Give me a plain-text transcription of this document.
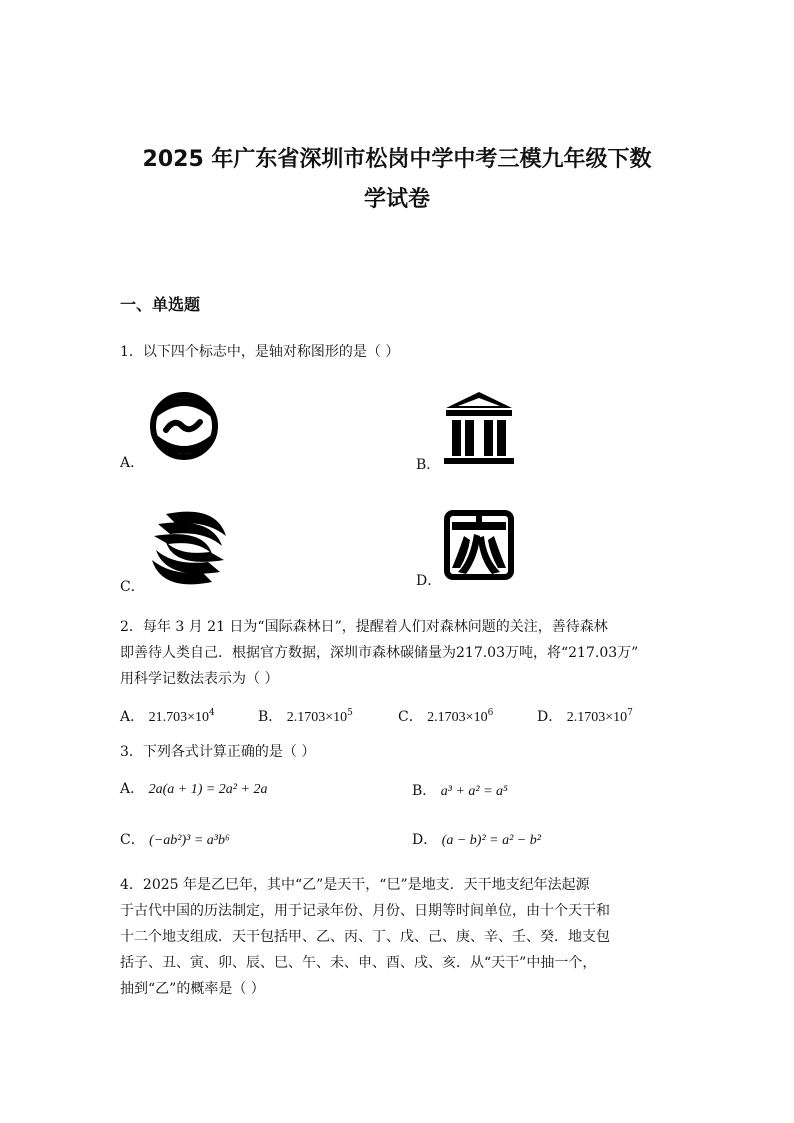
2025 年广东省深圳市松岗中学中考三模九年级下数
学试卷
一、单选题
1．以下四个标志中，是轴对称图形的是（ ）
A．	B．
C．	D．
2．每年 3 月 21 日为“国际森林日”，提醒着人们对森林问题的关注，善待森林
即善待人类自己．根据官方数据，深圳市森林碳储量为217.03万吨，将“217.03万”
用科学记数法表示为（ ）
A． $21.703\times 10^4$	B． $2.1703\times 10^5$	C． $2.1703\times 10^6$	D． $2.1703\times 10^7$
3．下列各式计算正确的是（ ）
A． 2a(a + 1) = 2a² + 2a	B． a³ + a² = a⁵
C． (−ab²)³ = a³b⁶	D． (a − b)² = a² − b²
4．2025 年是乙巳年，其中“乙”是天干，“巳”是地支．天干地支纪年法起源
于古代中国的历法制定，用于记录年份、月份、日期等时间单位，由十个天干和
十二个地支组成．天干包括甲、乙、丙、丁、戊、己、庚、辛、壬、癸．地支包
括子、丑、寅、卯、辰、巳、午、未、申、酉、戌、亥．从“天干”中抽一个，
抽到“乙”的概率是（ ）
